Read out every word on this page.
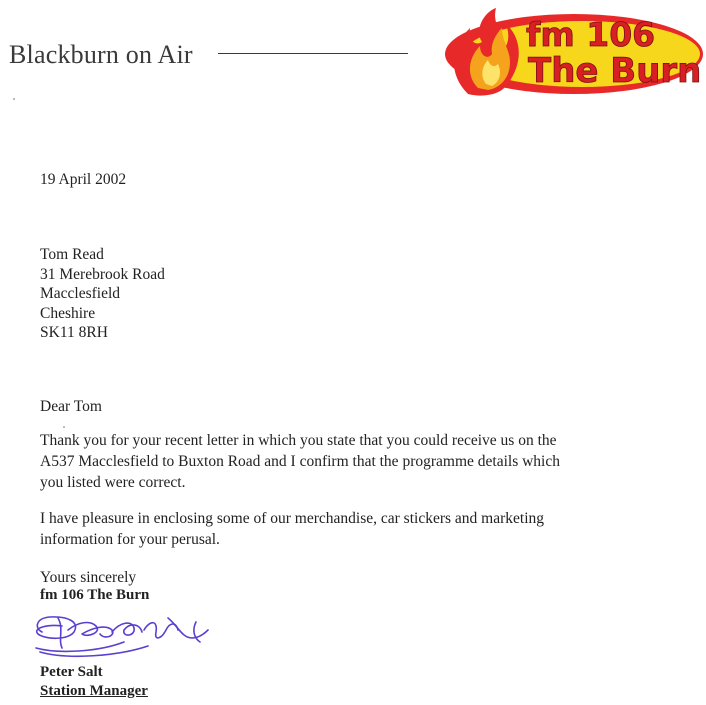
Blackburn on Air
fm 106
The Burn
19 April 2002
Tom Read
31 Merebrook Road
Macclesfield
Cheshire
SK11 8RH
Dear Tom
Thank you for your recent letter in which you state that you could receive us on the
A537 Macclesfield to Buxton Road and I confirm that the programme details which
you listed were correct.
I have pleasure in enclosing some of our merchandise, car stickers and marketing
information for your perusal.
Yours sincerely
fm 106 The Burn
Peter Salt
Station Manager
